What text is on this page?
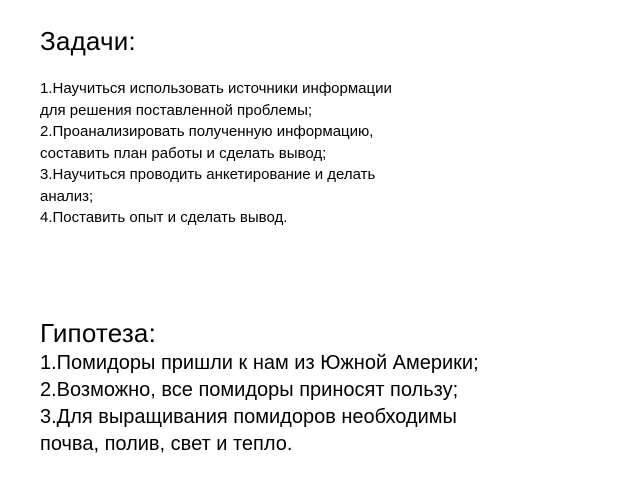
Задачи:
1.Научиться использовать источники информации
для решения поставленной проблемы;
2.Проанализировать полученную информацию,
составить план работы и сделать вывод;
3.Научиться проводить анкетирование и делать
анализ;
4.Поставить опыт и сделать вывод.
Гипотеза:
1.Помидоры пришли к нам из Южной Америки;
2.Возможно, все помидоры приносят пользу;
3.Для выращивания помидоров необходимы
почва, полив, свет и тепло.
